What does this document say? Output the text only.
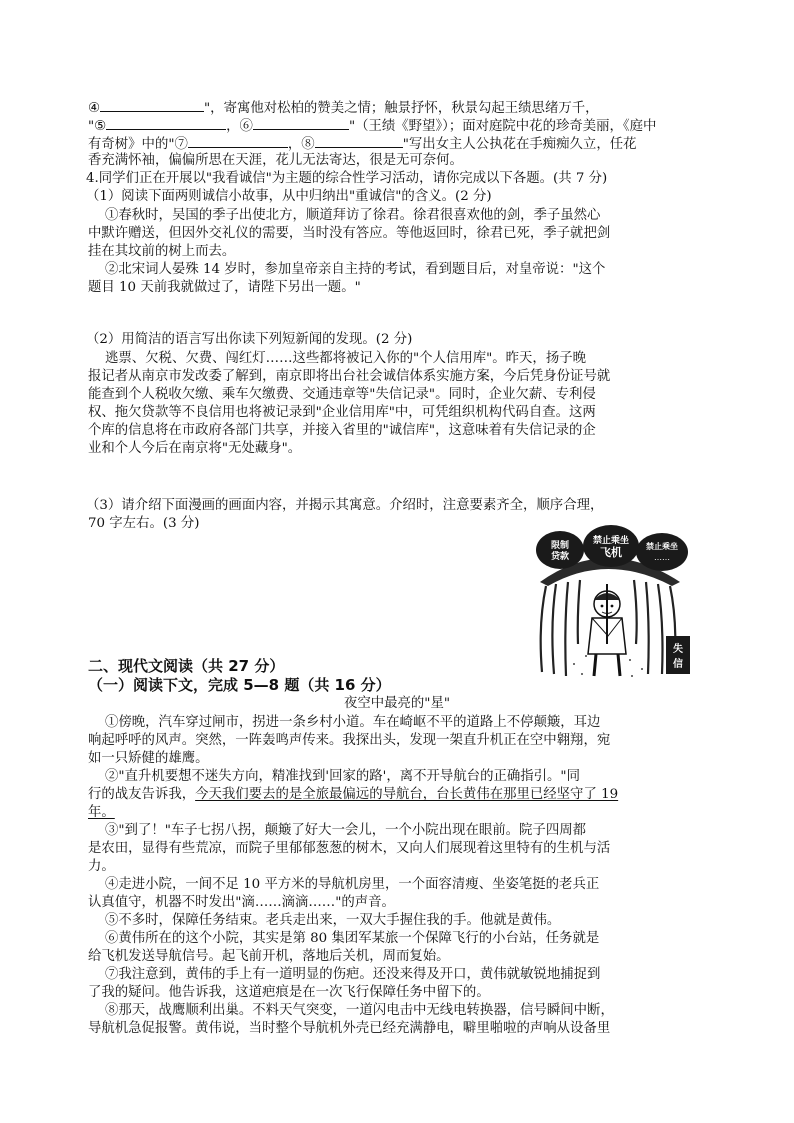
④	"，寄寓他对松柏的赞美之情；触景抒怀，秋景勾起王绩思绪万千，
"⑤	，⑥	"（王绩《野望》）；面对庭院中花的珍奇美丽，《庭中
有奇树》中的"⑦	，⑧	"写出女主人公执花在手痴痴久立，任花
香充满怀袖，偏偏所思在天涯，花儿无法寄达，很是无可奈何。
4.同学们正在开展以"我看诚信"为主题的综合性学习活动，请你完成以下各题。(共 7 分)
（1）阅读下面两则诚信小故事，从中归纳出"重诚信"的含义。(2 分)
①春秋时，吴国的季子出使北方，顺道拜访了徐君。徐君很喜欢他的剑，季子虽然心
中默许赠送，但因外交礼仪的需要，当时没有答应。等他返回时，徐君已死，季子就把剑
挂在其坟前的树上而去。
②北宋词人晏殊 14 岁时，参加皇帝亲自主持的考试，看到题目后，对皇帝说："这个
题目 10 天前我就做过了，请陛下另出一题。"
（2）用简洁的语言写出你读下列短新闻的发现。(2 分)
逃票、欠税、欠费、闯红灯……这些都将被记入你的"个人信用库"。昨天，扬子晚
报记者从南京市发改委了解到，南京即将出台社会诚信体系实施方案，今后凭身份证号就
能查到个人税收欠缴、乘车欠缴费、交通违章等"失信记录"。同时，企业欠薪、专利侵
权、拖欠贷款等不良信用也将被记录到"企业信用库"中，可凭组织机构代码自查。这两
个库的信息将在市政府各部门共享，并接入省里的"诚信库"，这意味着有失信记录的企
业和个人今后在南京将"无处藏身"。
（3）请介绍下面漫画的画面内容，并揭示其寓意。介绍时，注意要素齐全，顺序合理，
70 字左右。(3 分)
限制
贷款
禁止乘坐
飞机	禁止乘坐
……
失
信
二、现代文阅读（共 27 分）
（一）阅读下文，完成 5—8 题（共 16 分）
夜空中最亮的"星"
①傍晚，汽车穿过闸市，拐进一条乡村小道。车在崎岖不平的道路上不停颠簸，耳边
响起呼呼的风声。突然，一阵轰鸣声传来。我探出头，发现一架直升机正在空中翱翔，宛
如一只矫健的雄鹰。
②"直升机要想不迷失方向，精准找到'回家的路'，离不开导航台的正确指引。"同
行的战友告诉我，今天我们要去的是全旅最偏远的导航台，台长黄伟在那里已经坚守了 19
年。
③"到了！"车子七拐八拐，颠簸了好大一会儿，一个小院出现在眼前。院子四周都
是农田，显得有些荒凉，而院子里郁郁葱葱的树木，又向人们展现着这里特有的生机与活
力。
④走进小院，一间不足 10 平方米的导航机房里，一个面容清瘦、坐姿笔挺的老兵正
认真值守，机器不时发出"滴……滴滴……"的声音。
⑤不多时，保障任务结束。老兵走出来，一双大手握住我的手。他就是黄伟。
⑥黄伟所在的这个小院，其实是第 80 集团军某旅一个保障飞行的小台站，任务就是
给飞机发送导航信号。起飞前开机，落地后关机，周而复始。
⑦我注意到，黄伟的手上有一道明显的伤疤。还没来得及开口，黄伟就敏锐地捕捉到
了我的疑问。他告诉我，这道疤痕是在一次飞行保障任务中留下的。
⑧那天，战鹰顺利出巢。不料天气突变，一道闪电击中无线电转换器，信号瞬间中断，
导航机急促报警。黄伟说，当时整个导航机外壳已经充满静电，噼里啪啦的声响从设备里
